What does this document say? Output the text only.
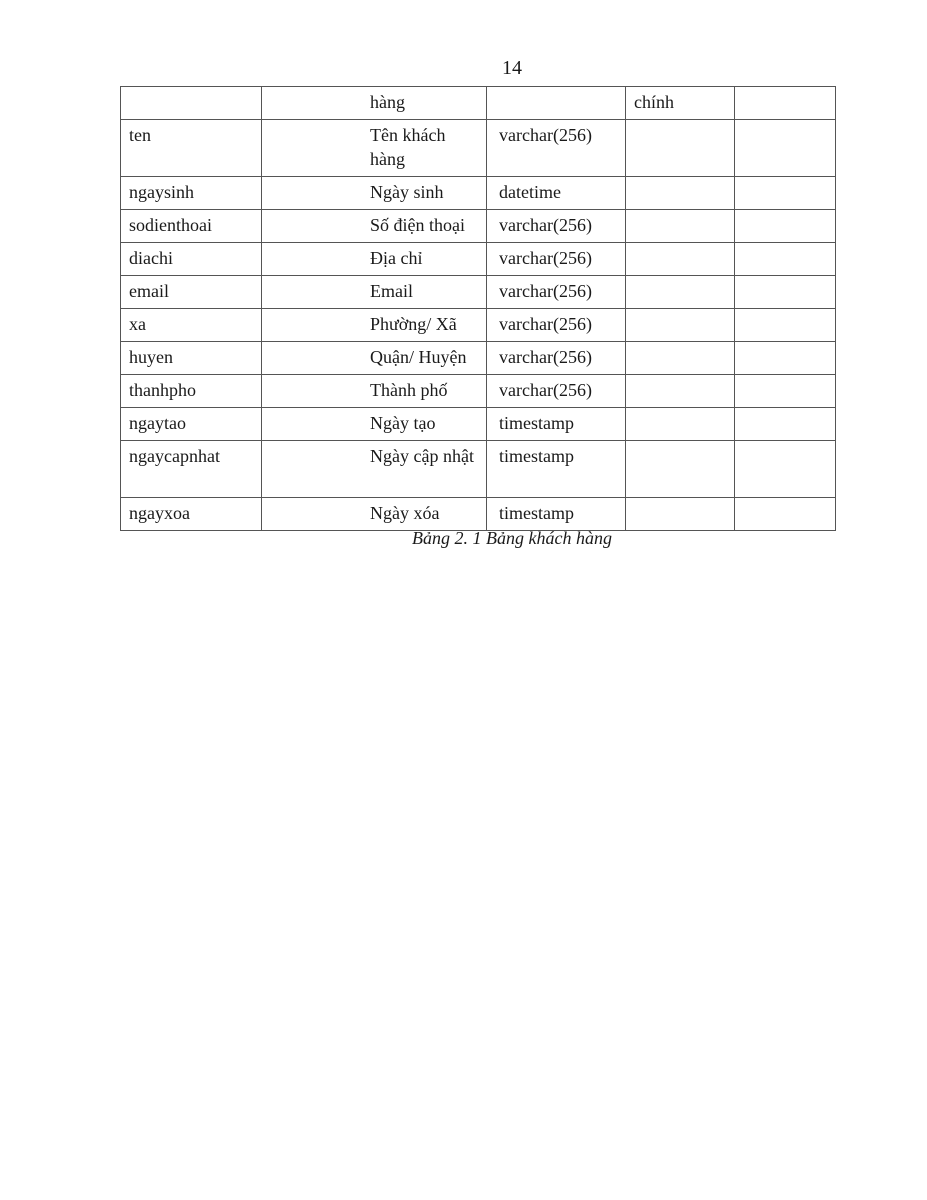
14
	hàng		chính	
ten	Tên khách hàng	varchar(256)		
ngaysinh	Ngày sinh	datetime		
sodienthoai	Số điện thoại	varchar(256)		
diachi	Địa chỉ	varchar(256)		
email	Email	varchar(256)		
xa	Phường/ Xã	varchar(256)		
huyen	Quận/ Huyện	varchar(256)		
thanhpho	Thành phố	varchar(256)		
ngaytao	Ngày tạo	timestamp		
ngaycapnhat	Ngày cập nhật	timestamp		
ngayxoa	Ngày xóa	timestamp		
Bảng 2. 1 Bảng khách hàng
